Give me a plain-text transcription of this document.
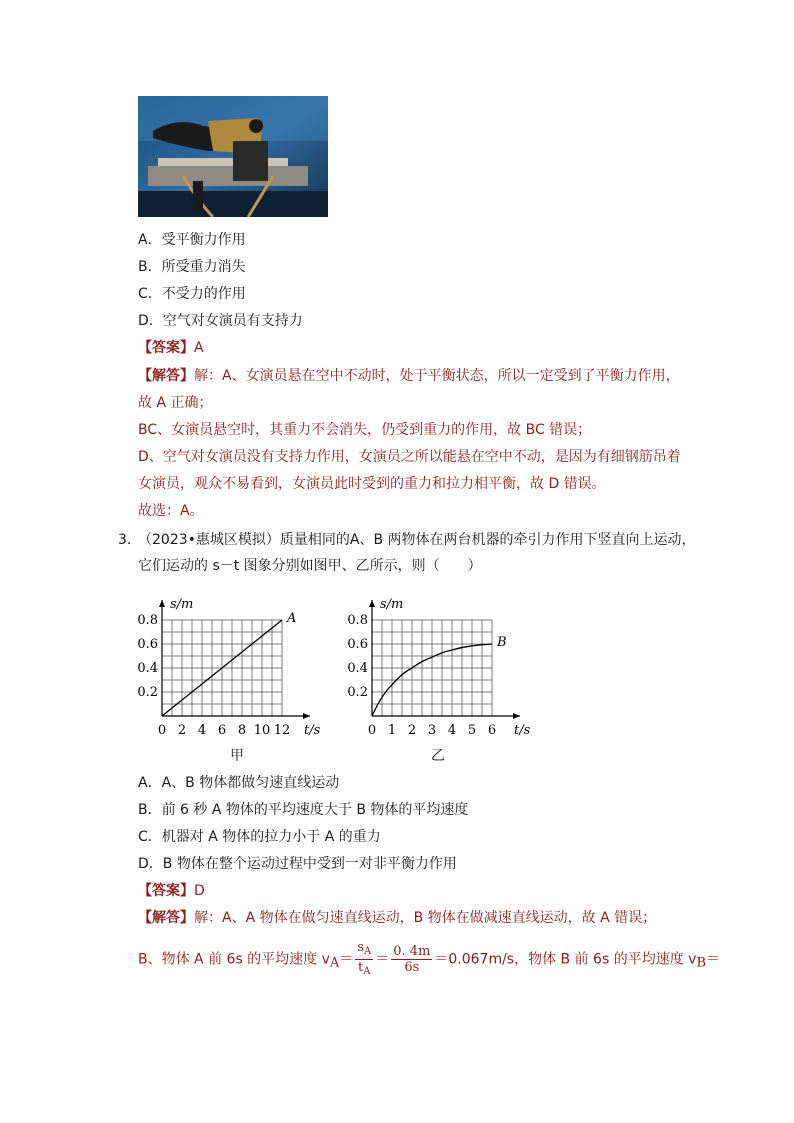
A．受平衡力作用
B．所受重力消失
C．不受力的作用
D．空气对女演员有支持力
【答案】A
【解答】解：A、女演员悬在空中不动时，处于平衡状态，所以一定受到了平衡力作用，
故 A 正确；
BC、女演员悬空时，其重力不会消失，仍受到重力的作用，故 BC 错误；
D、空气对女演员没有支持力作用，女演员之所以能悬在空中不动，是因为有细钢筋吊着
女演员，观众不易看到，女演员此时受到的重力和拉力相平衡，故 D 错误。
故选：A。
3．
（2023•惠城区模拟）质量相同的A、B 两物体在两台机器的牵引力作用下竖直向上运动，
它们运动的 s－t 图象分别如图甲、乙所示，则（　　）
s/m
t/s
0 2 4 6 8 10 12
0.2
0.4
0.6
0.8	A
s/m
t/s
0 1 2 3 4 5 6
0.2
0.4
0.6
0.8
B
甲	乙
A．A、B 物体都做匀速直线运动
B．前 6 秒 A 物体的平均速度大于 B 物体的平均速度
C．机器对 A 物体的拉力小于 A 的重力
D．B 物体在整个运动过程中受到一对非平衡力作用
【答案】D
【解答】解：A、A 物体在做匀速直线运动，B 物体在做减速直线运动，故 A 错误；
B、物体 A 前 6s 的平均速度 $vA= \frac{s_A}{t_A} = \frac{0. 4m}{6s} =0.067m/s$，物体 B 前 6s 的平均速度 vB＝
